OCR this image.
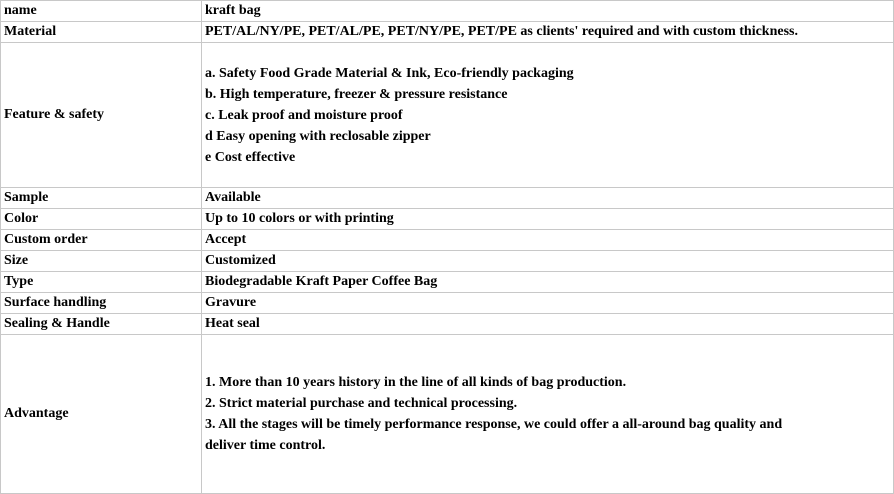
name	kraft bag
Material	PET/AL/NY/PE, PET/AL/PE, PET/NY/PE, PET/PE as clients' required and with custom thickness.
Feature & safety	a. Safety Food Grade Material & Ink, Eco-friendly packaging
b. High temperature, freezer & pressure resistance
c. Leak proof and moisture proof
d Easy opening with reclosable zipper
e Cost effective

Sample	Available
Color	Up to 10 colors or with printing
Custom order	Accept
Size	Customized
Type	Biodegradable Kraft Paper Coffee Bag
Surface handling	Gravure
Sealing & Handle	Heat seal
Advantage	1. More than 10 years history in the line of all kinds of bag production.
2. Strict material purchase and technical processing.
3. All the stages will be timely performance response, we could offer a all-around bag quality and
deliver time control.
